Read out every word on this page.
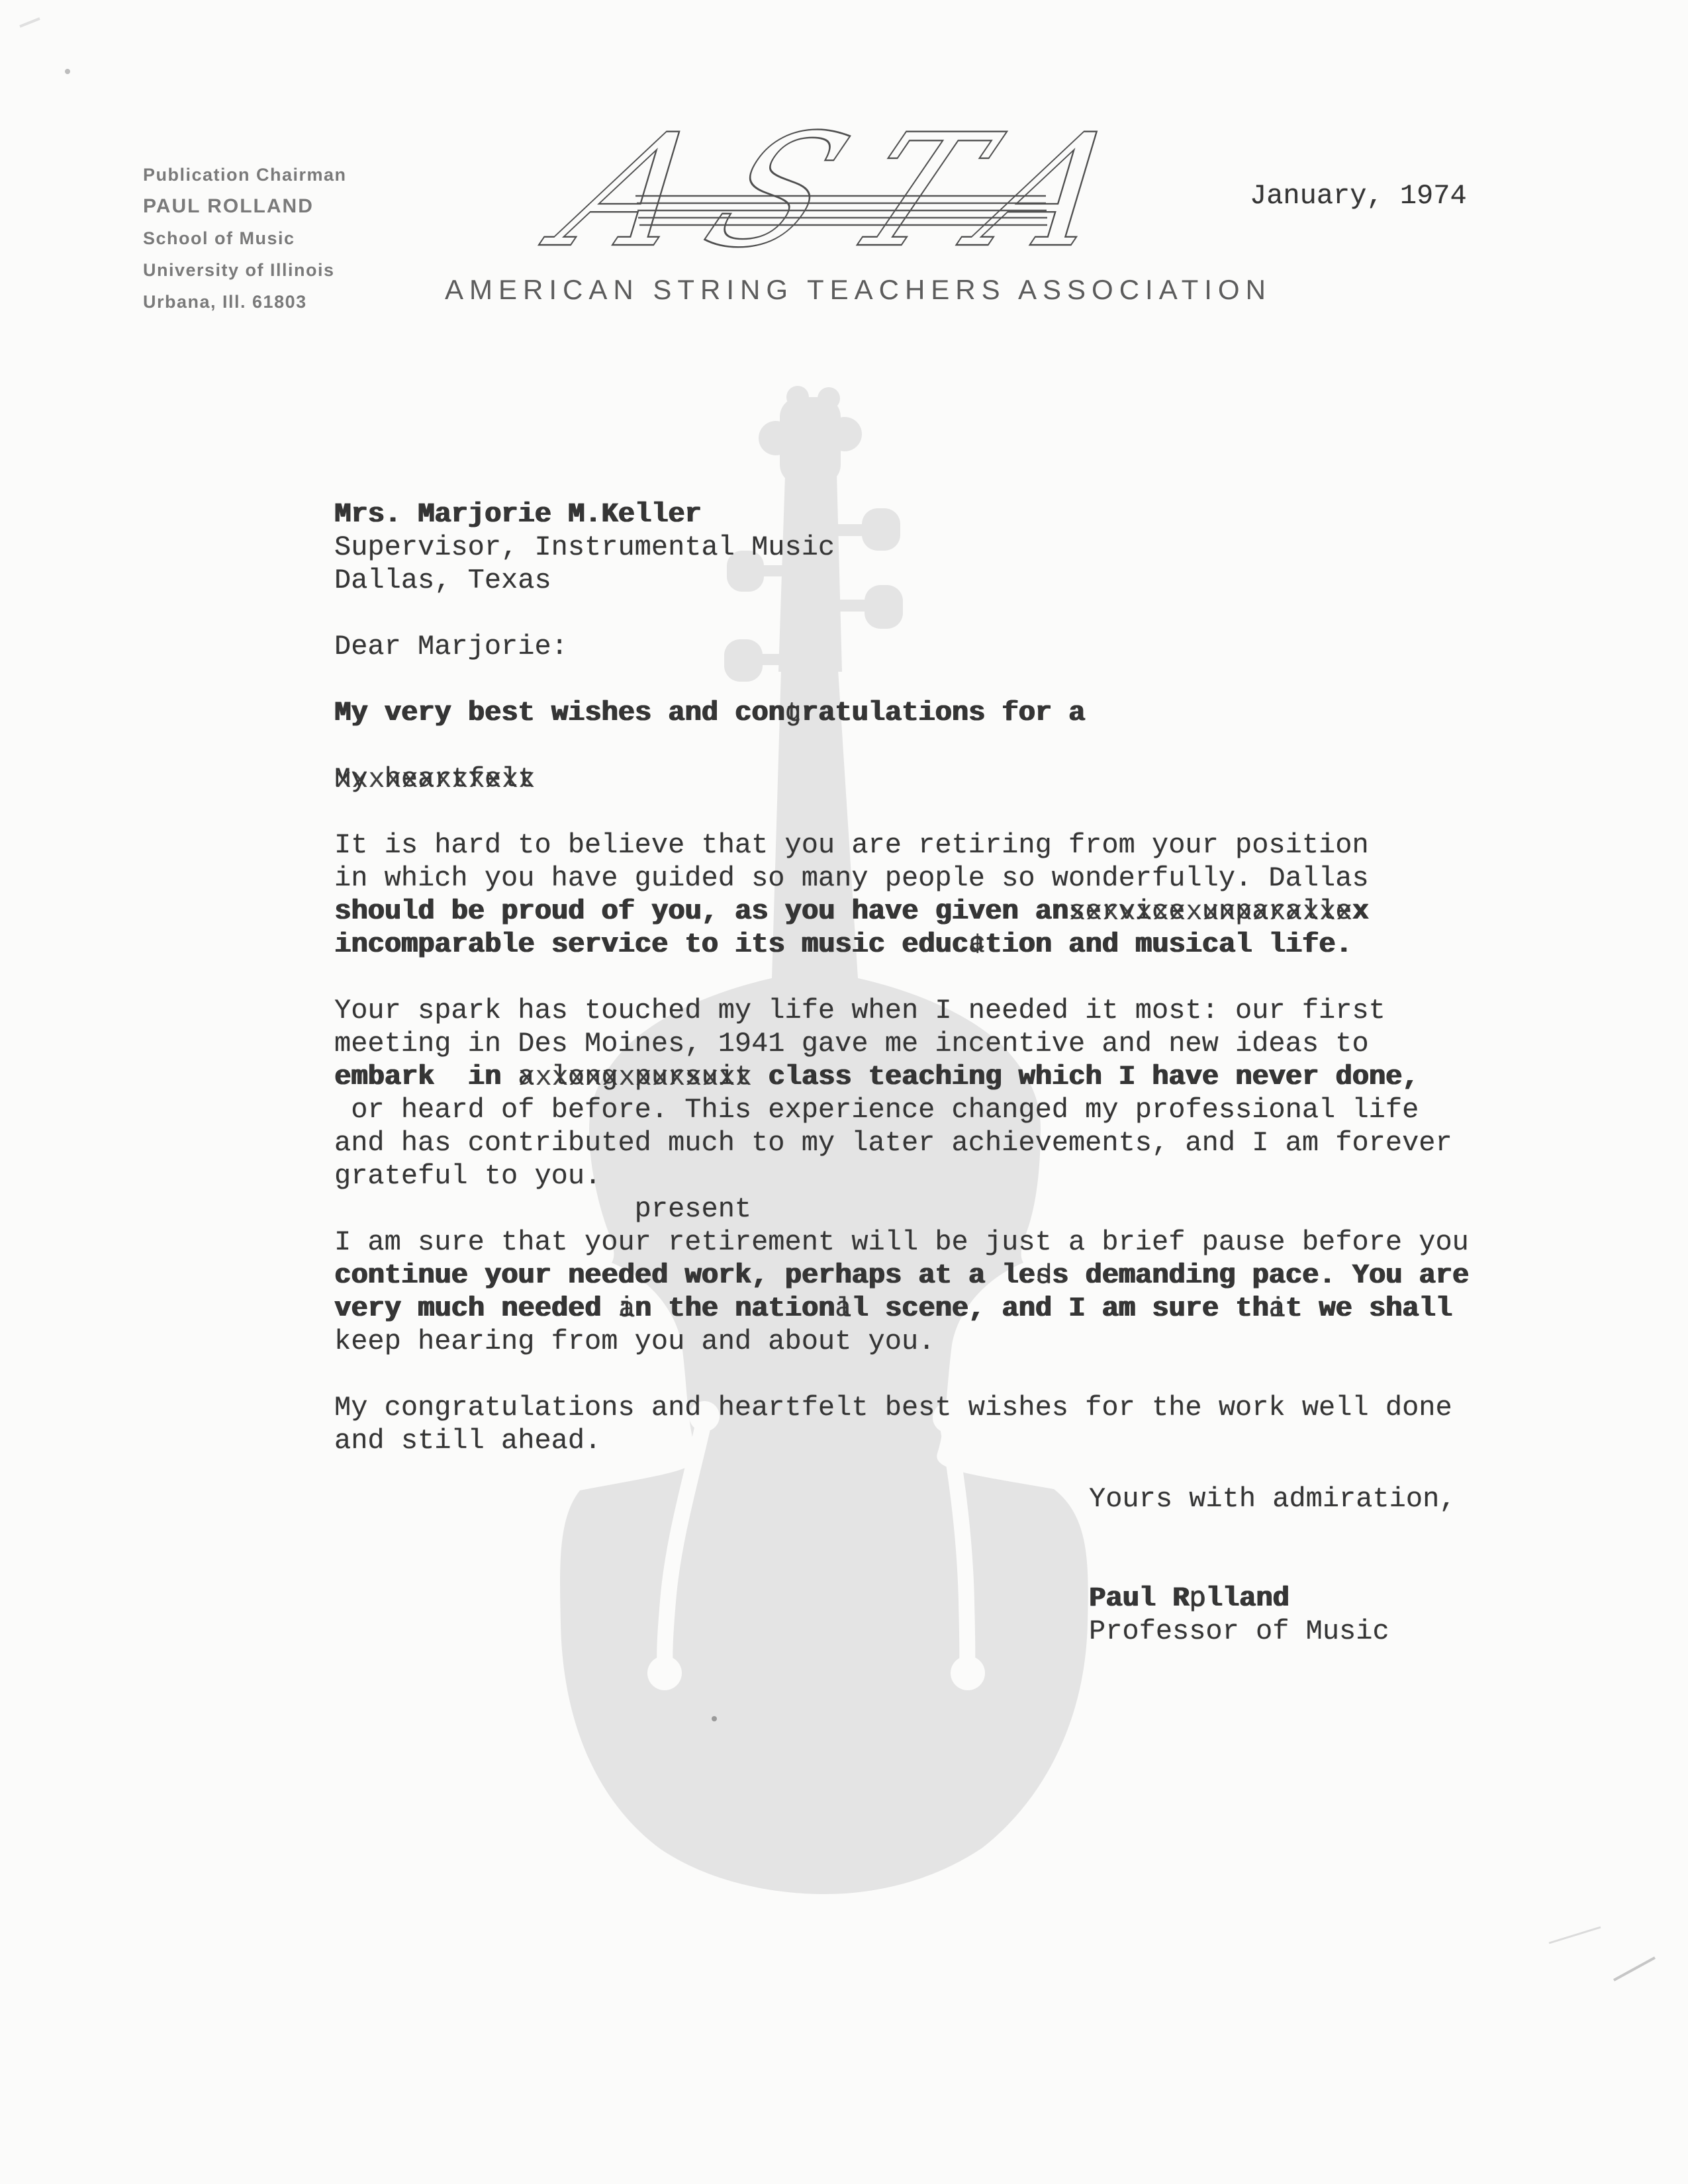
ASTA
Publication Chairman
PAUL ROLLAND
School of Music
University of Illinois
Urbana, Ill. 61803	AMERICAN STRING TEACHERS ASSOCIATION
January, 1974
Mrs. Marjorie M.Keller
Supervisor, Instrumental Music
Dallas, Texas

Dear Marjorie:

My very best wishes and cong tratulations for a

My heartfelt xxxxxxxxxxxx

It is hard to believe that you are retiring from your position
in which you have guided so many people so wonderfully. Dallas
should be proud of you, as you have given anservice unparalle xxxxxxxxxxxxxxxxxx
incomparable service to its music educa ¢tion and musical life.

Your spark has touched my life when I needed it most: our first
meeting in Des Moines, 1941 gave me incentive and new ideas to
embark  in a long pursuit xxxxxxxxxxxxxx class teaching which I have never done,
or heard of before. This experience changed my professional life
and has contributed much to my later achievements, and I am forever
grateful to you.
present
I am sure that your retirement will be just a brief pause before you
continue your needed work, perhaps at a les ds demanding pace. You are
very much needed i an the nationa ll scene, and I am sure tha it we shall
keep hearing from you and about you.

My congratulations and heartfelt best wishes for the work well done
and still ahead.
Yours with admiration,

Paul Rp olland
Professor of Music
